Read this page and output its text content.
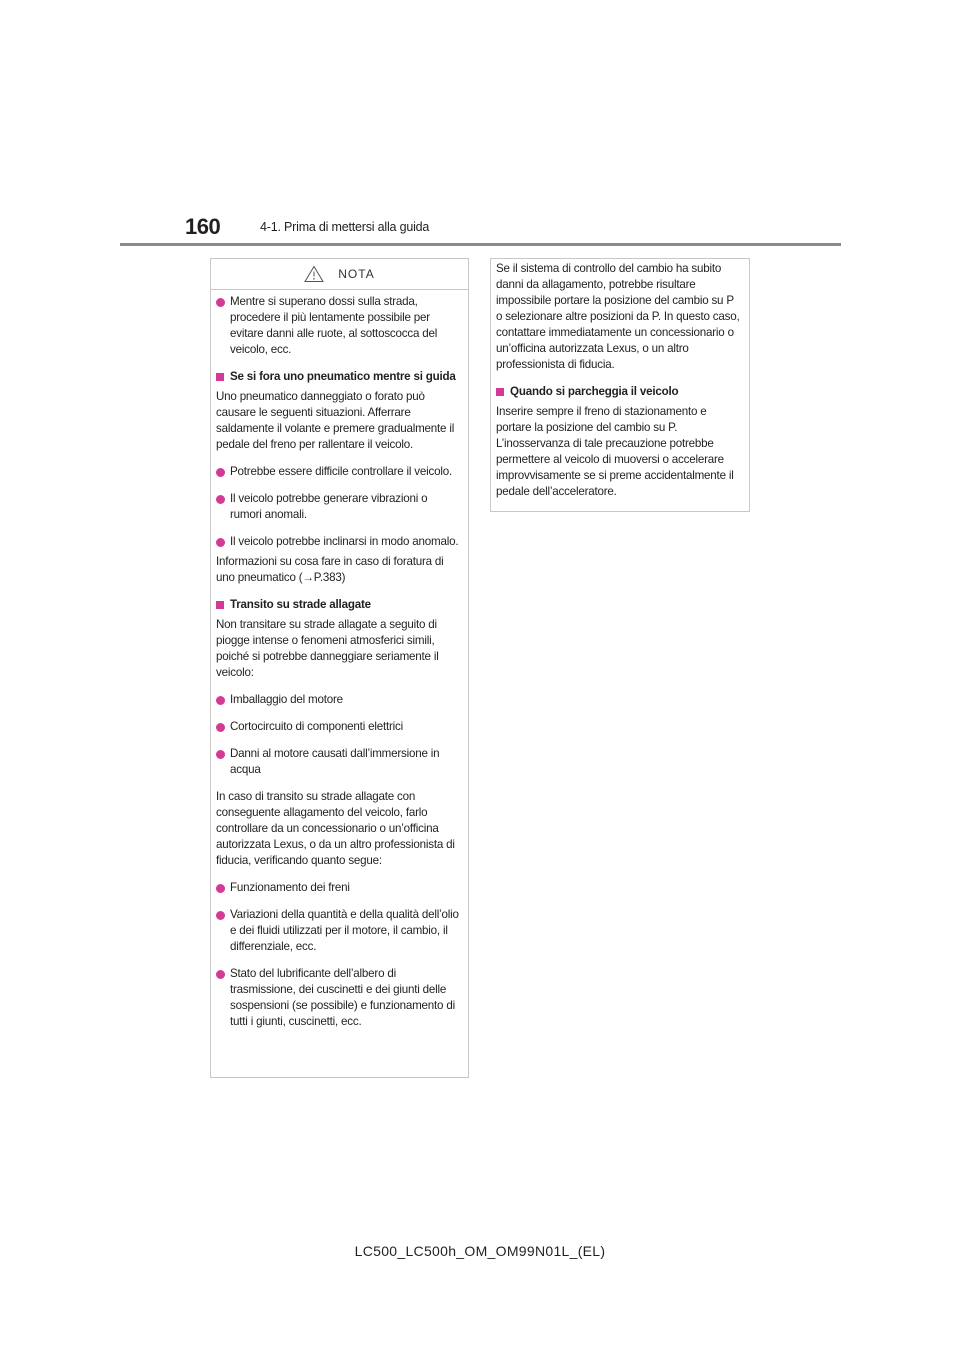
160	4-1. Prima di mettersi alla guida
NOTA
Mentre si superano dossi sulla strada, procedere il più lentamente possibile per evitare danni alle ruote, al sottoscocca del veicolo, ecc.
Se si fora uno pneumatico mentre si guida
Uno pneumatico danneggiato o forato può causare le seguenti situazioni. Afferrare saldamente il volante e premere gradualmente il pedale del freno per rallentare il veicolo.
Potrebbe essere difficile controllare il veicolo.
Il veicolo potrebbe generare vibrazioni o rumori anomali.
Il veicolo potrebbe inclinarsi in modo anomalo.
Informazioni su cosa fare in caso di foratura di uno pneumatico (→P.383)
Transito su strade allagate
Non transitare su strade allagate a seguito di piogge intense o fenomeni atmosferici simili, poiché si potrebbe danneggiare seriamente il veicolo:
Imballaggio del motore
Cortocircuito di componenti elettrici
Danni al motore causati dall’immersione in acqua
In caso di transito su strade allagate con conseguente allagamento del veicolo, farlo controllare da un concessionario o un’officina autorizzata Lexus, o da un altro professionista di fiducia, verificando quanto segue:
Funzionamento dei freni
Variazioni della quantità e della qualità dell’olio e dei fluidi utilizzati per il motore, il cambio, il differenziale, ecc.
Stato del lubrificante dell’albero di trasmissione, dei cuscinetti e dei giunti delle sospensioni (se possibile) e funzionamento di tutti i giunti, cuscinetti, ecc.
Se il sistema di controllo del cambio ha subito danni da allagamento, potrebbe risultare impossibile portare la posizione del cambio su P o selezionare altre posizioni da P. In questo caso, contattare immediatamente un concessionario o un’officina autorizzata Lexus, o un altro professionista di fiducia.
Quando si parcheggia il veicolo
Inserire sempre il freno di stazionamento e portare la posizione del cambio su P. L’inosservanza di tale precauzione potrebbe permettere al veicolo di muoversi o accelerare improvvisamente se si preme accidentalmente il pedale dell’acceleratore.
LC500_LC500h_OM_OM99N01L_(EL)
